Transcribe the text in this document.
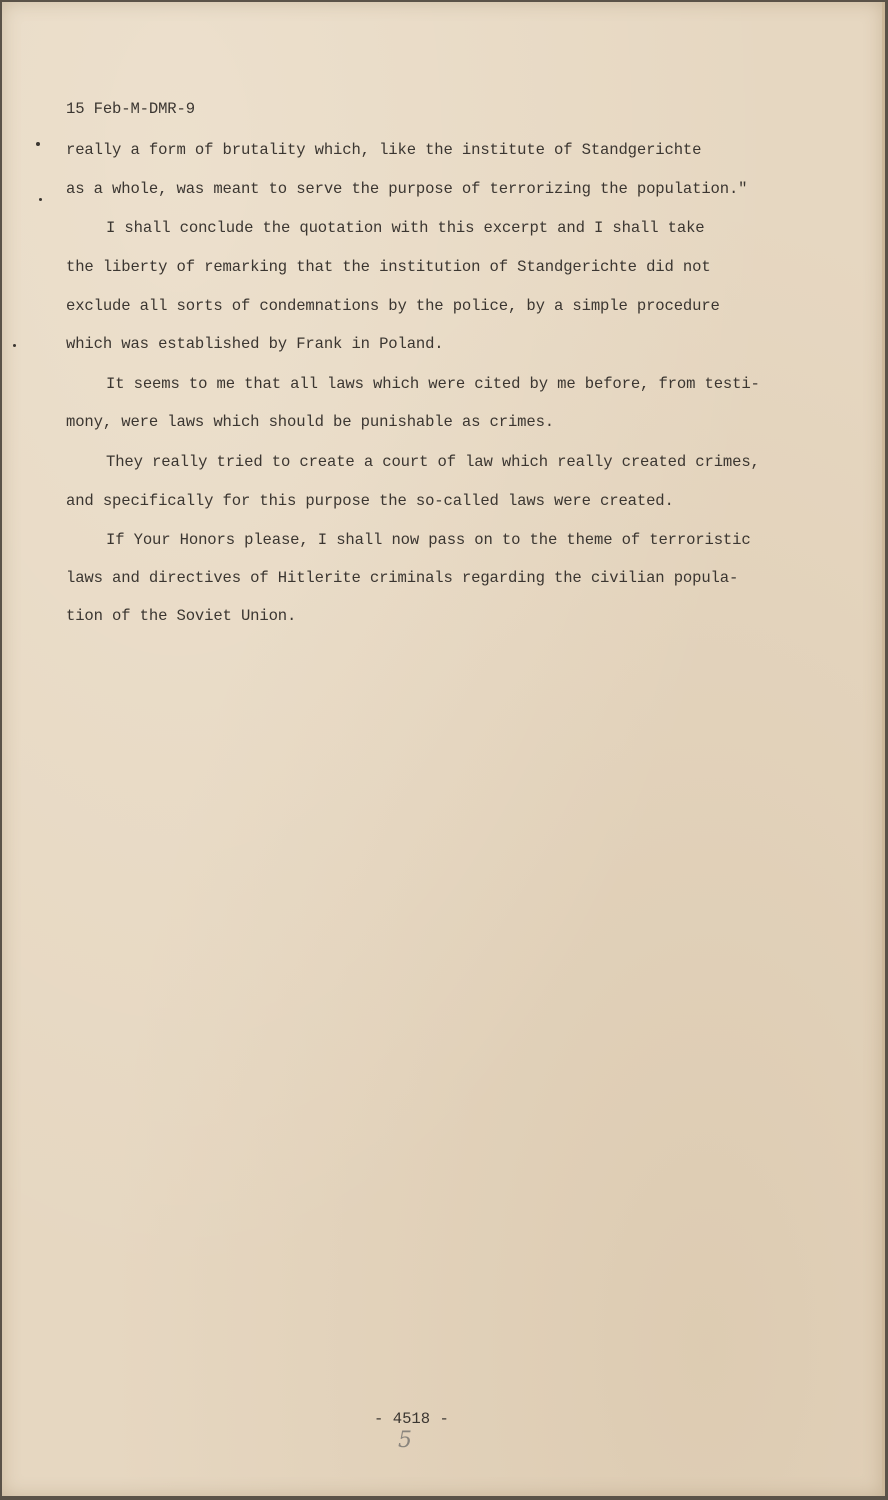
15 Feb-M-DMR-9
really a form of brutality which, like the institute of Standgerichte
as a whole, was meant to serve the purpose of terrorizing the population."
I shall conclude the quotation with this excerpt and I shall take
the liberty of remarking that the institution of Standgerichte did not
exclude all sorts of condemnations by the police, by a simple procedure
which was established by Frank in Poland.
It seems to me that all laws which were cited by me before, from testi-
mony, were laws which should be punishable as crimes.
They really tried to create a court of law which really created crimes,
and specifically for this purpose the so-called laws were created.
If Your Honors please, I shall now pass on to the theme of terroristic
laws and directives of Hitlerite criminals regarding the civilian popula-
tion of the Soviet Union.
- 4518 -
5
